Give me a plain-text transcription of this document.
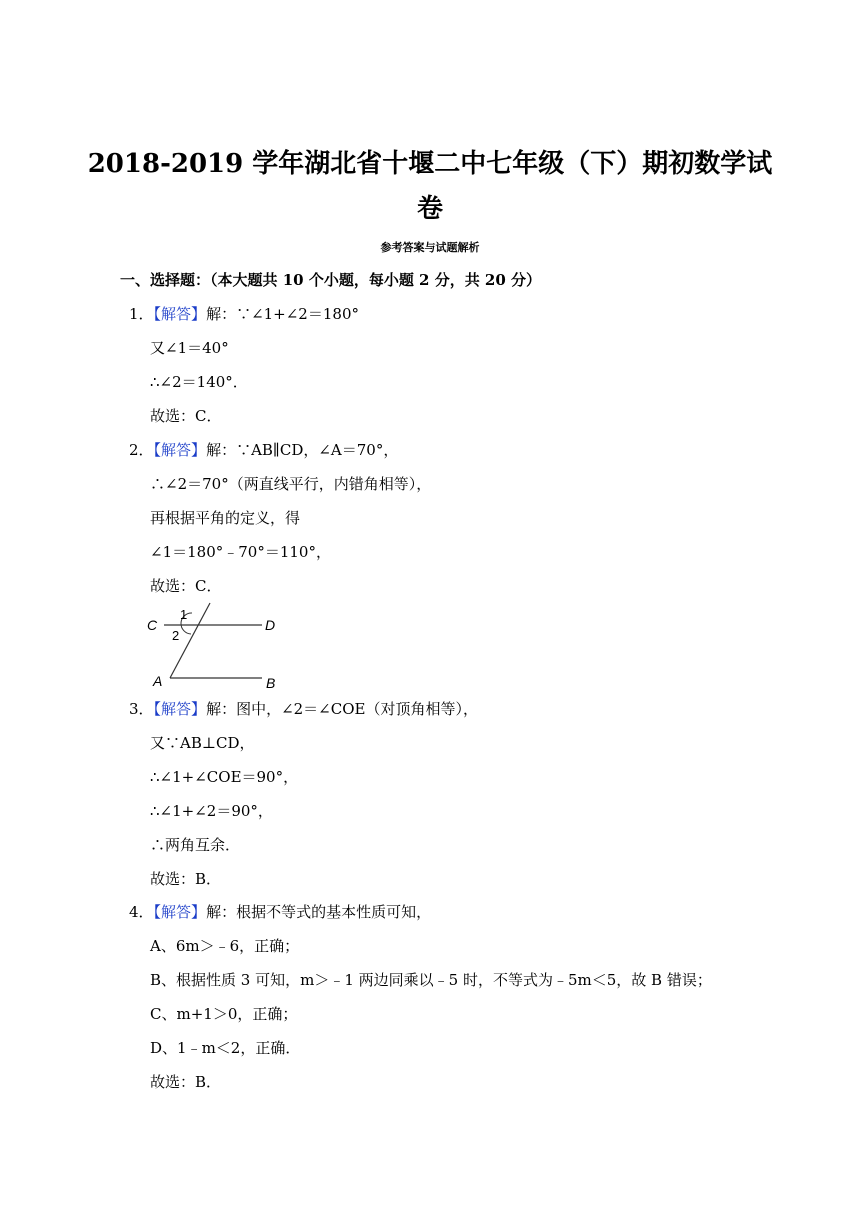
2018-2019 学年湖北省十堰二中七年级（下）期初数学试
卷
参考答案与试题解析
一、选择题：（本大题共 10 个小题，每小题 2 分，共 20 分）
1．【解答】解：∵∠1+∠2＝180°
又∠1＝40°
∴∠2＝140°．
故选：C．
2．【解答】解：∵AB∥CD，∠A＝70°，
∴∠2＝70°（两直线平行，内错角相等），
再根据平角的定义，得
∠1＝180°﹣70°＝110°，
故选：C．
C	D
A	B
1
2
3．【解答】解：图中，∠2＝∠COE（对顶角相等），
又∵AB⊥CD，
∴∠1+∠COE＝90°，
∴∠1+∠2＝90°，
∴两角互余．
故选：B．
4．【解答】解：根据不等式的基本性质可知，
A、6m＞﹣6，正确；
B、根据性质 3 可知，m＞﹣1 两边同乘以﹣5 时，不等式为﹣5m＜5，故 B 错误；
C、m+1＞0，正确；
D、1﹣m＜2，正确．
故选：B．
